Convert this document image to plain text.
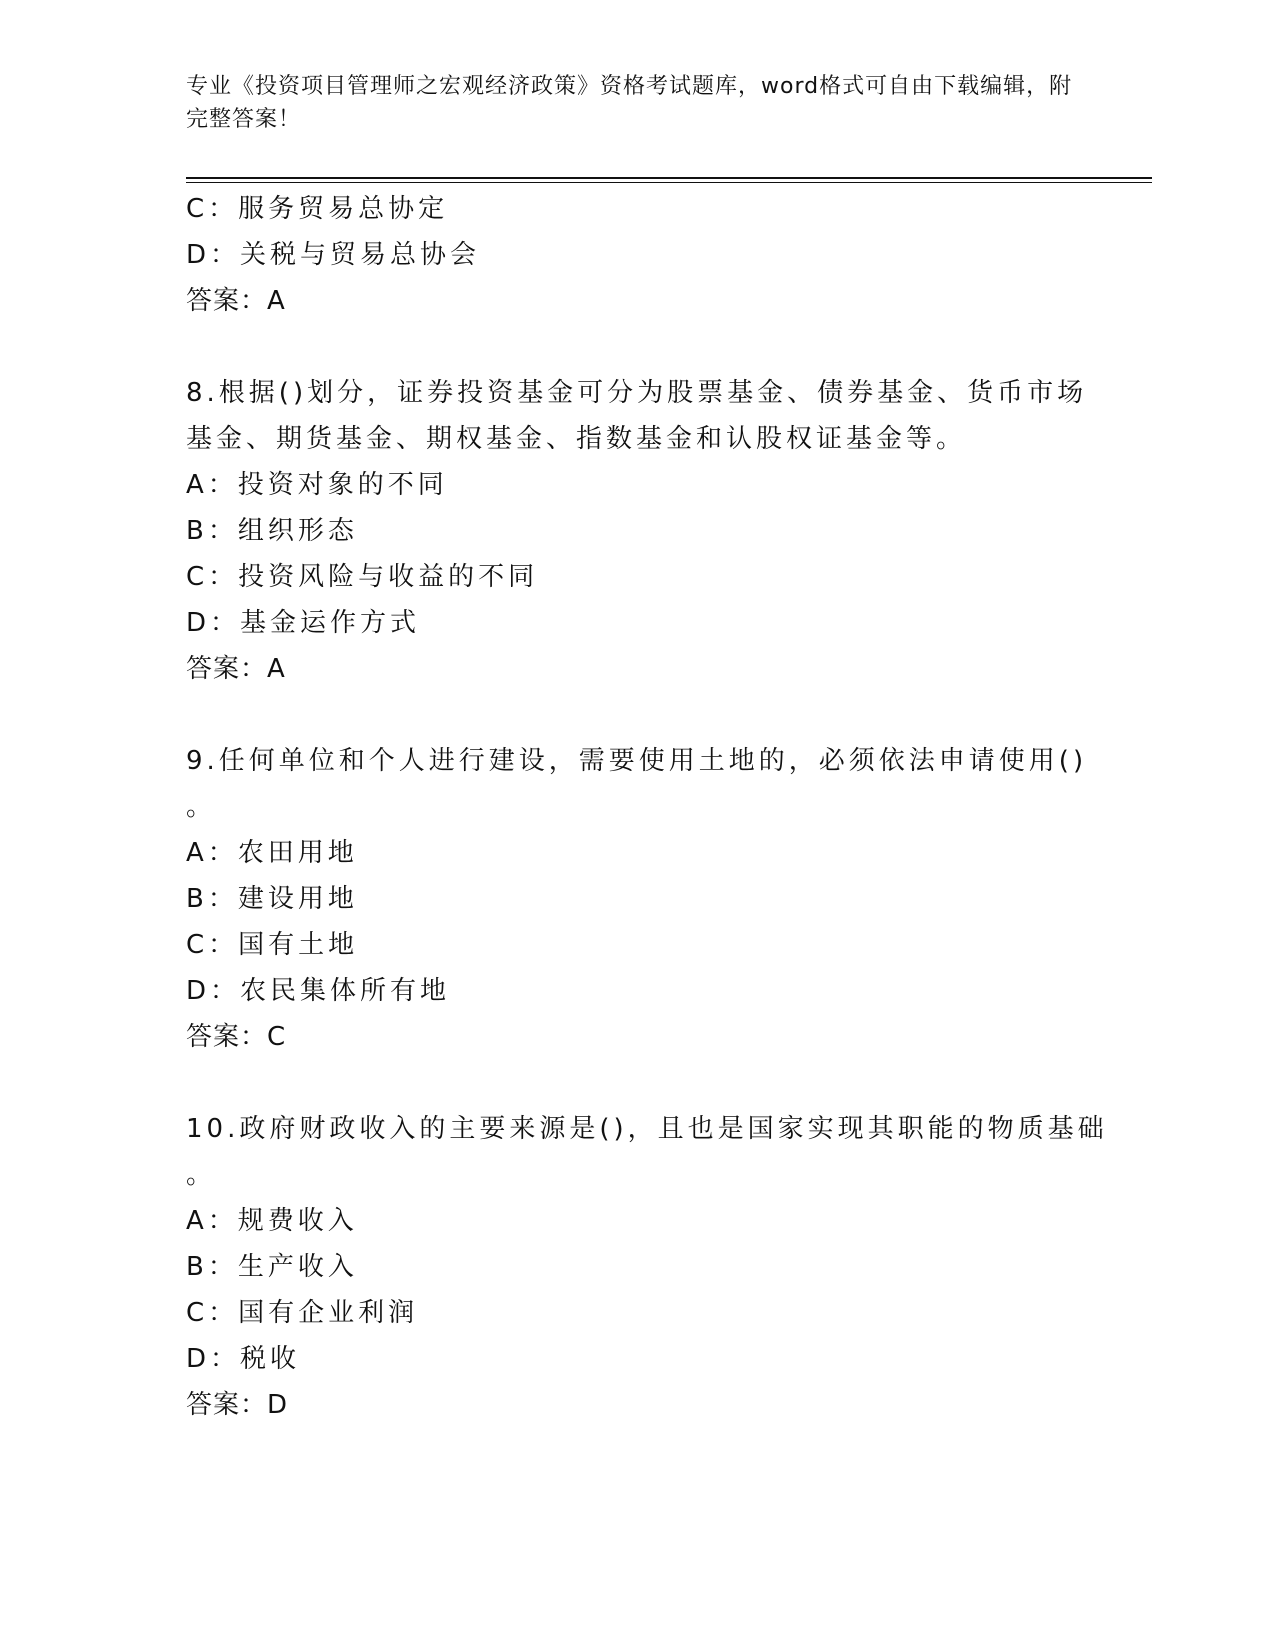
专业《投资项目管理师之宏观经济政策》资格考试题库，word格式可自由下载编辑，附完整答案！
C：服务贸易总协定
D：关税与贸易总协会
答案：A
8.根据()划分，证券投资基金可分为股票基金、债券基金、货币市场
基金、期货基金、期权基金、指数基金和认股权证基金等。
A：投资对象的不同
B：组织形态
C：投资风险与收益的不同
D：基金运作方式
答案：A
9.任何单位和个人进行建设，需要使用土地的，必须依法申请使用()
。
A：农田用地
B：建设用地
C：国有土地
D：农民集体所有地
答案：C
10.政府财政收入的主要来源是()，且也是国家实现其职能的物质基础
。
A：规费收入
B：生产收入
C：国有企业利润
D：税收
答案：D
